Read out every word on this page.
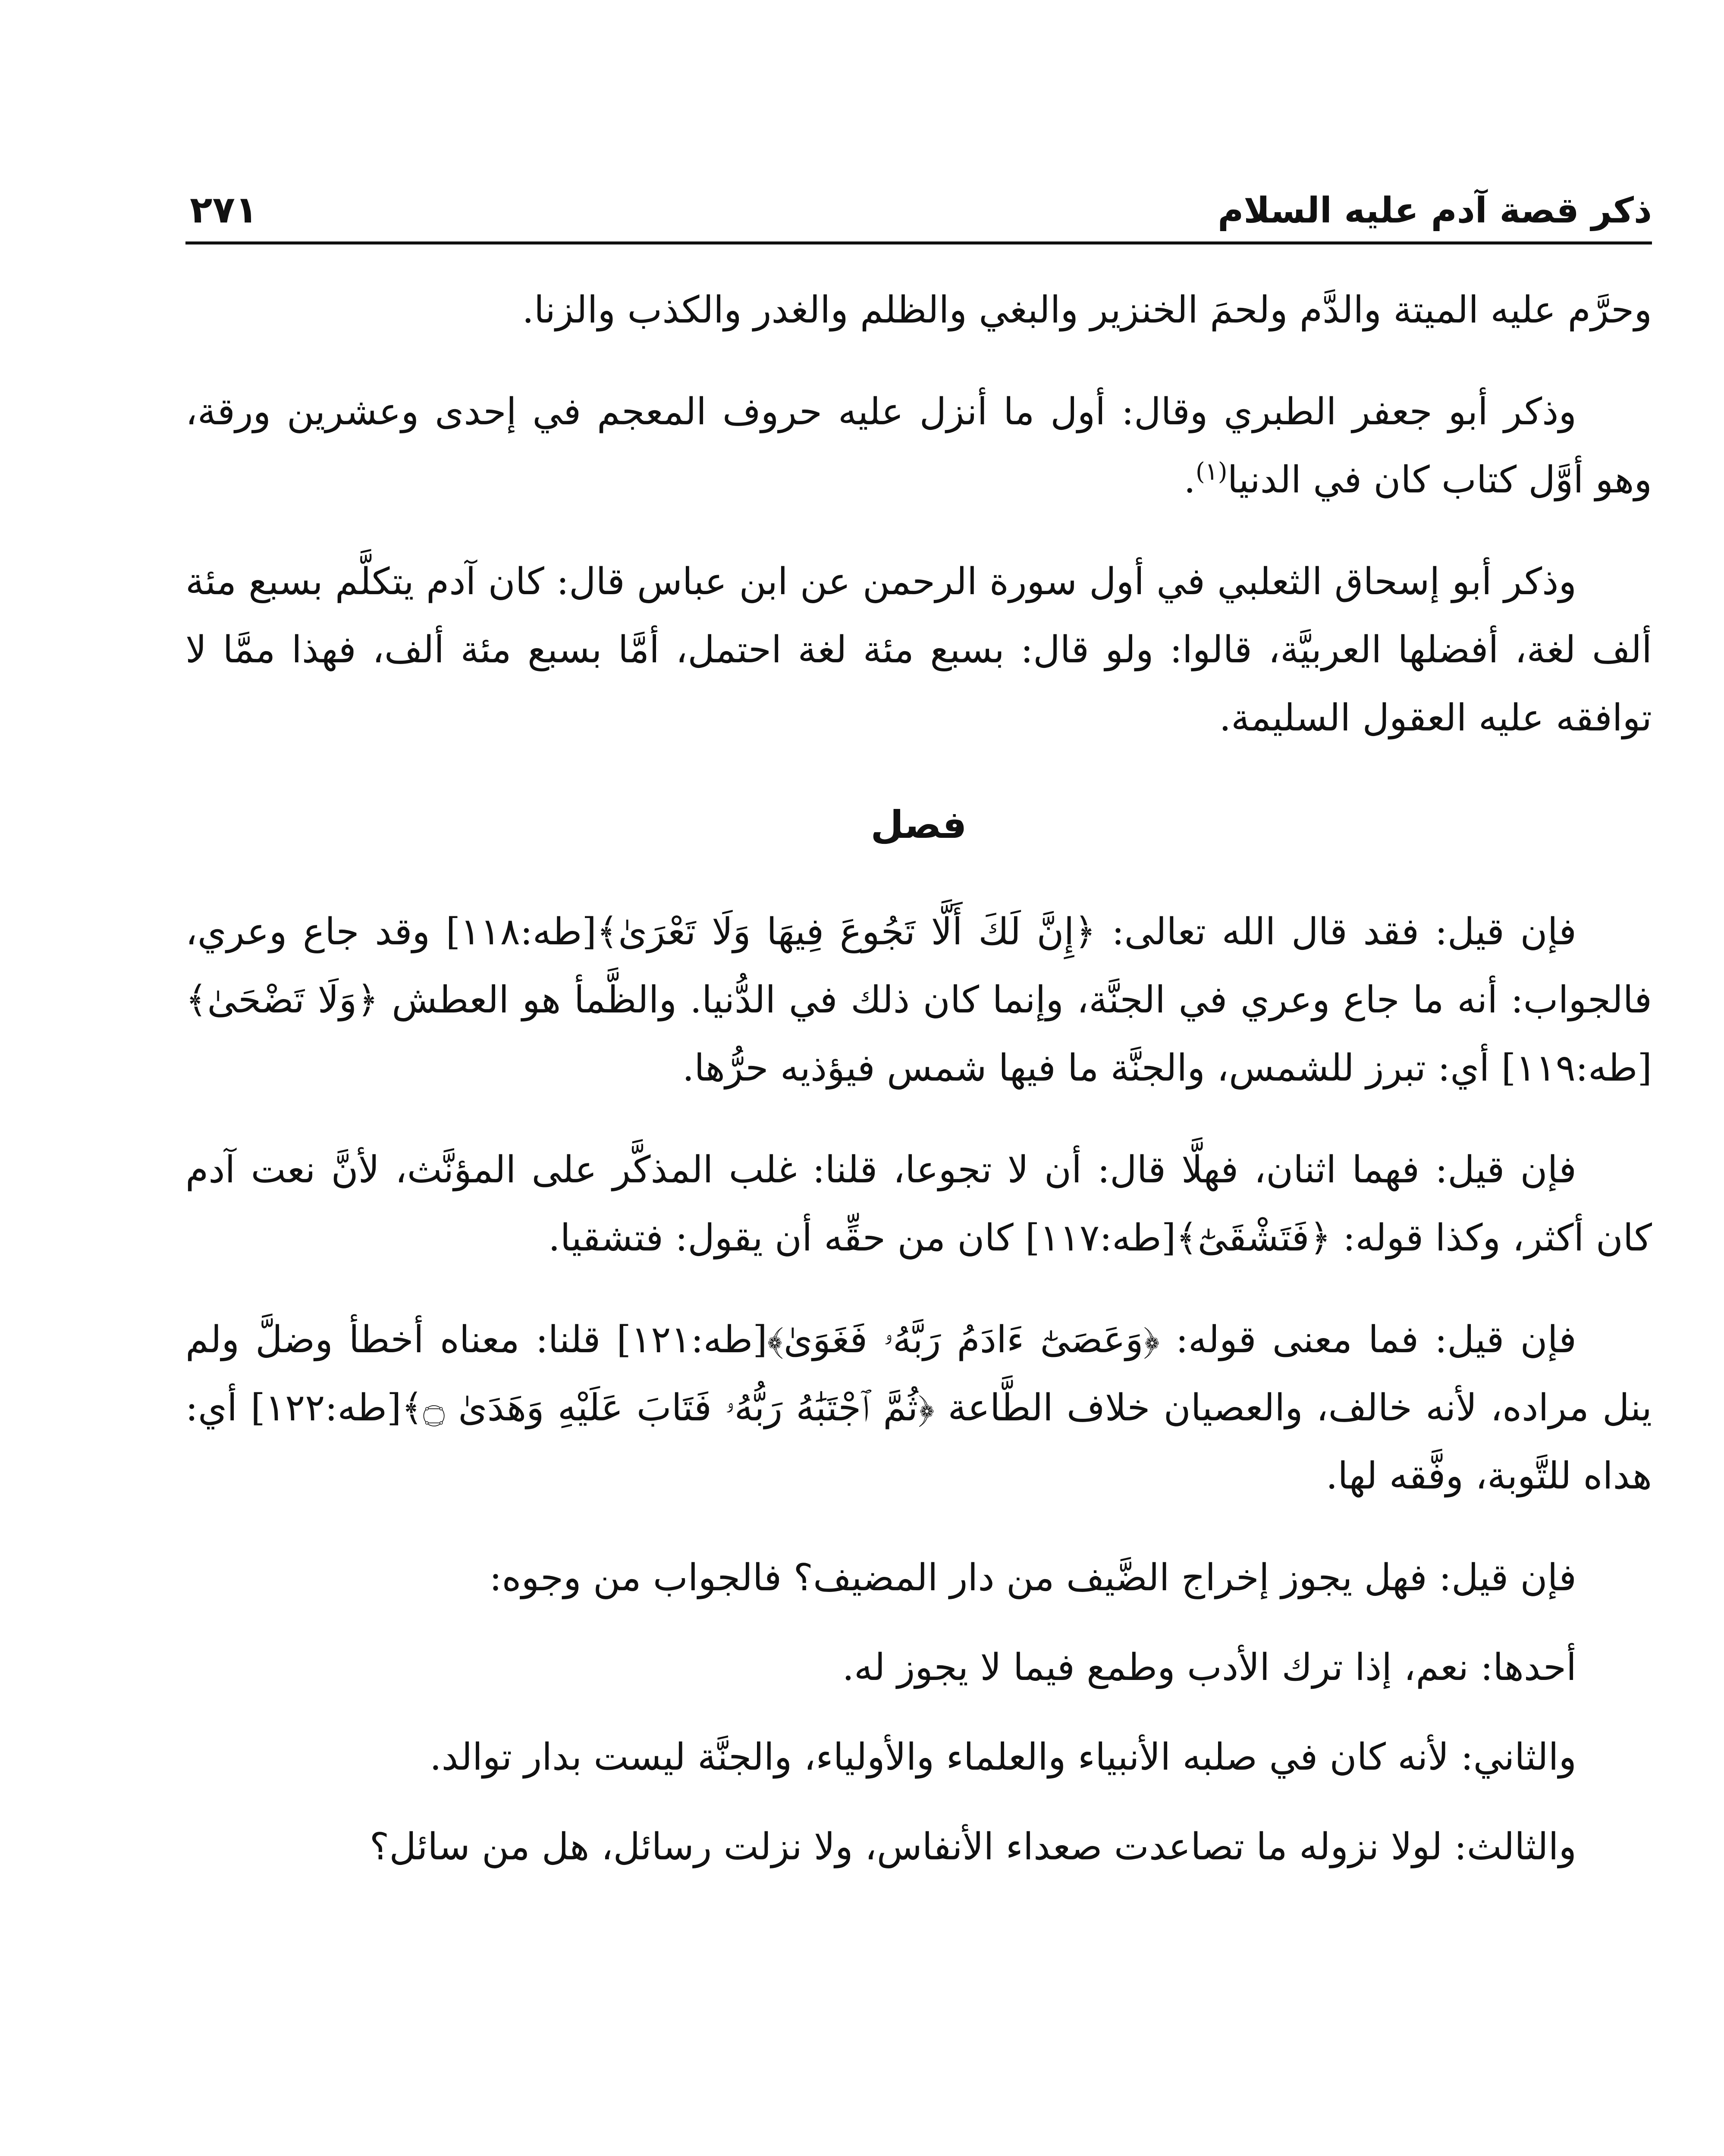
ذكر قصة آدم عليه السلام
٢٧١

وحرَّم عليه الميتة والدَّم ولحمَ الخنزير والبغي والظلم والغدر والكذب والزنا.

وذكر أبو جعفر الطبري وقال: أول ما أنزل عليه حروف المعجم في إحدى وعشرين ورقة، وهو أوَّل كتاب كان في الدنيا$^{(١)}$.

وذكر أبو إسحاق الثعلبي في أول سورة الرحمن عن ابن عباس قال: كان آدم يتكلَّم بسبع مئة ألف لغة، أفضلها العربيَّة، قالوا: ولو قال: بسبع مئة لغة احتمل، أمَّا بسبع مئة ألف، فهذا ممَّا لا توافقه عليه العقول السليمة.

فصل

فإن قيل: فقد قال الله تعالى: ﴿إِنَّ لَكَ أَلَّا تَجُوعَ فِيهَا وَلَا تَعْرَىٰ﴾[طه:١١٨] وقد جاع وعري، فالجواب: أنه ما جاع وعري في الجنَّة، وإنما كان ذلك في الدُّنيا. والظَّمأ هو العطش ﴿وَلَا تَضْحَىٰ﴾[طه:١١٩] أي: تبرز للشمس، والجنَّة ما فيها شمس فيؤذيه حرُّها.

فإن قيل: فهما اثنان، فهلَّا قال: أن لا تجوعا، قلنا: غلب المذكَّر على المؤنَّث، لأنَّ نعت آدم كان أكثر، وكذا قوله: ﴿فَتَشْقَىٰٓ﴾[طه:١١٧] كان من حقِّه أن يقول: فتشقيا.

فإن قيل: فما معنى قوله: ﴿وَعَصَىٰٓ ءَادَمُ رَبَّهُۥ فَغَوَىٰ﴾[طه:١٢١] قلنا: معناه أخطأ وضلَّ ولم ينل مراده، لأنه خالف، والعصيان خلاف الطَّاعة ﴿ثُمَّ ٱجْتَبَٰهُ رَبُّهُۥ فَتَابَ عَلَيْهِ وَهَدَىٰ ۝﴾[طه:١٢٢] أي: هداه للتَّوبة، وفَّقه لها.

فإن قيل: فهل يجوز إخراج الضَّيف من دار المضيف؟ فالجواب من وجوه:

أحدها: نعم، إذا ترك الأدب وطمع فيما لا يجوز له.

والثاني: لأنه كان في صلبه الأنبياء والعلماء والأولياء، والجنَّة ليست بدار توالد.

والثالث: لولا نزوله ما تصاعدت صعداء الأنفاس، ولا نزلت رسائل، هل من سائل؟
